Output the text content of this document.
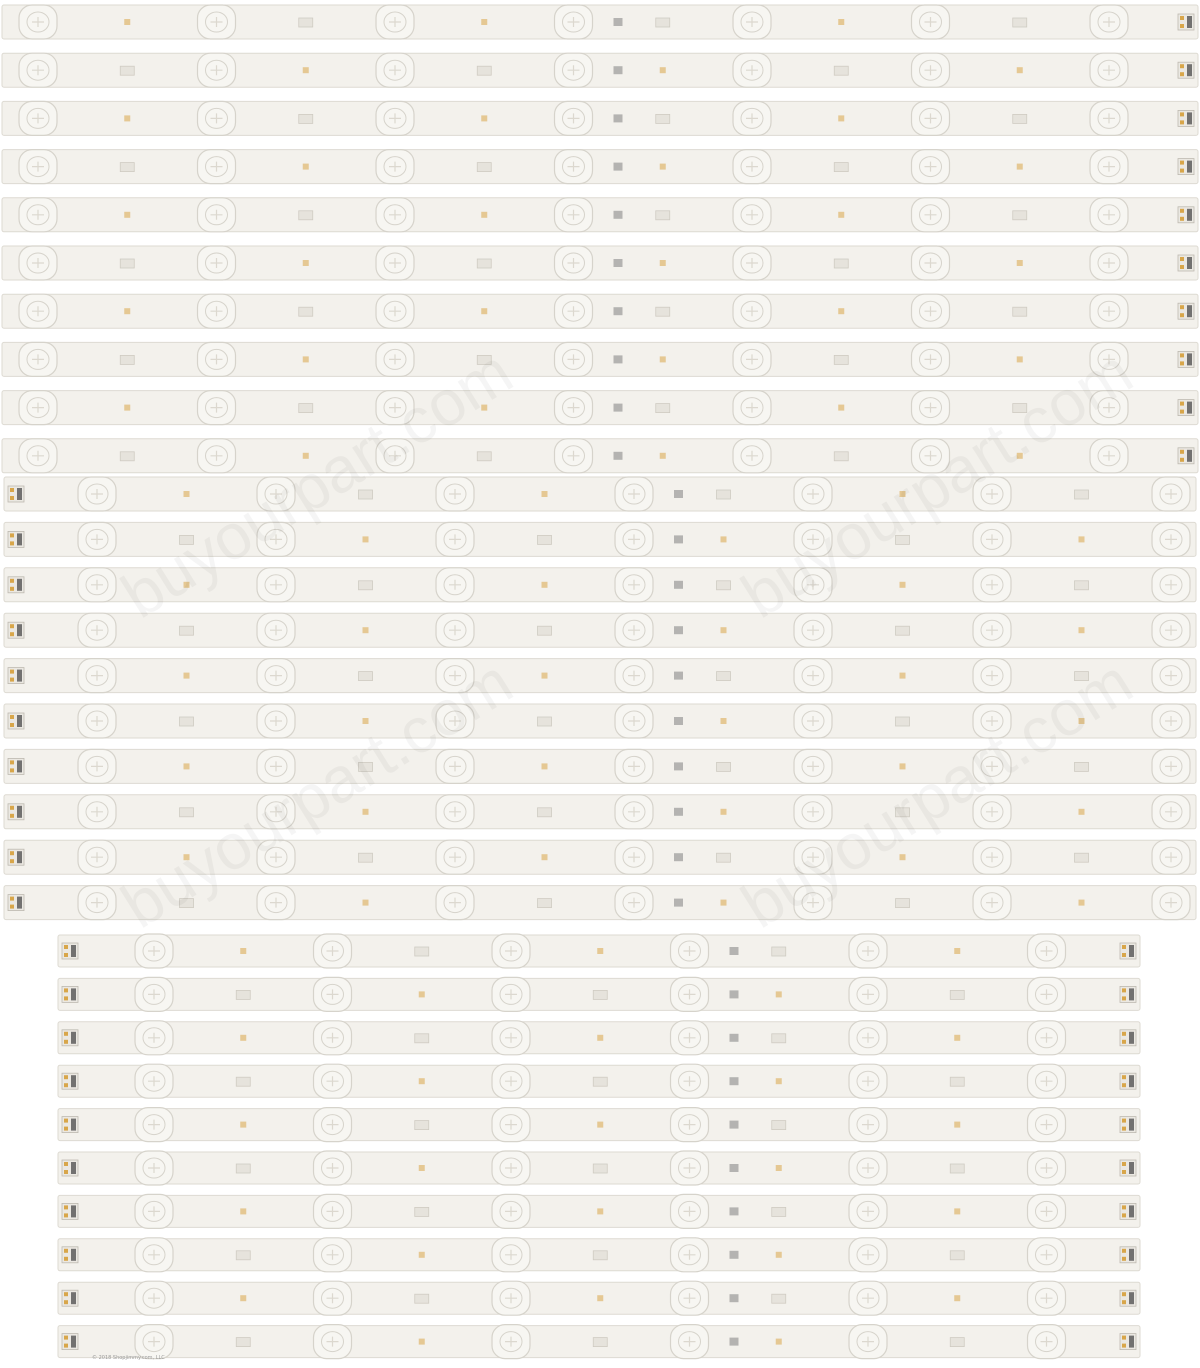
© 2018 Shopjimmy.com, LLC
